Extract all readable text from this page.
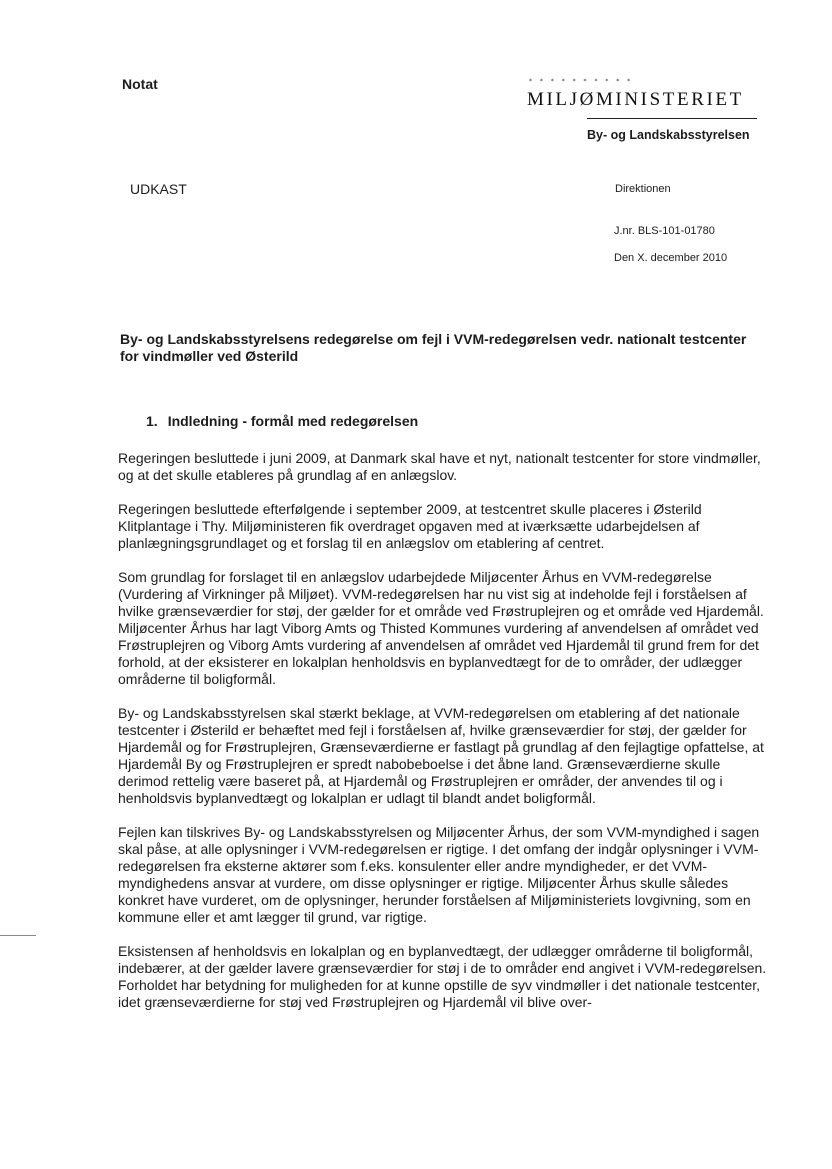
Notat	* * * * * * * * * *
MILJØMINISTERIET
By- og Landskabsstyrelsen
UDKAST	Direktionen
J.nr. BLS-101-01780
Den X. december 2010
By- og Landskabsstyrelsens redegørelse om fejl i VVM-redegørelsen vedr. nationalt testcenter for vindmøller ved Østerild
1. Indledning - formål med redegørelsen

Regeringen besluttede i juni 2009, at Danmark skal have et nyt, nationalt testcenter for store vindmøller, og at det skulle etableres på grundlag af en anlægslov.

Regeringen besluttede efterfølgende i september 2009, at testcentret skulle placeres i Østerild Klitplantage i Thy. Miljøministeren fik overdraget opgaven med at iværksætte udarbejdelsen af planlægningsgrundlaget og et forslag til en anlægslov om etablering af centret.

Som grundlag for forslaget til en anlægslov udarbejdede Miljøcenter Århus en VVM-redegørelse (Vurdering af Virkninger på Miljøet). VVM-redegørelsen har nu vist sig at indeholde fejl i forståelsen af hvilke grænseværdier for støj, der gælder for et område ved Frøstruplejren og et område ved Hjardemål. Miljøcenter Århus har lagt Viborg Amts og Thisted Kommunes vurdering af anvendelsen af området ved Frøstruplejren og Viborg Amts vurdering af anvendelsen af området ved Hjardemål til grund frem for det forhold, at der eksisterer en lokalplan henholdsvis en byplanvedtægt for de to områder, der udlægger områderne til boligformål.

By- og Landskabsstyrelsen skal stærkt beklage, at VVM-redegørelsen om etablering af det nationale testcenter i Østerild er behæftet med fejl i forståelsen af, hvilke grænseværdier for støj, der gælder for Hjardemål og for Frøstruplejren, Grænseværdierne er fastlagt på grundlag af den fejlagtige opfattelse, at Hjardemål By og Frøstruplejren er spredt nabobeboelse i det åbne land. Grænseværdierne skulle derimod rettelig være baseret på, at Hjardemål og Frøstruplejren er områder, der anvendes til og i henholdsvis byplanvedtægt og lokalplan er udlagt til blandt andet boligformål.

Fejlen kan tilskrives By- og Landskabsstyrelsen og Miljøcenter Århus, der som VVM-myndighed i sagen skal påse, at alle oplysninger i VVM-redegørelsen er rigtige. I det omfang der indgår oplysninger i VVM-redegørelsen fra eksterne aktører som f.eks. konsulenter eller andre myndigheder, er det VVM-myndighedens ansvar at vurdere, om disse oplysninger er rigtige. Miljøcenter Århus skulle således konkret have vurderet, om de oplysninger, herunder forståelsen af Miljøministeriets lovgivning, som en kommune eller et amt lægger til grund, var rigtige.

Eksistensen af henholdsvis en lokalplan og en byplanvedtægt, der udlægger områderne til boligformål, indebærer, at der gælder lavere grænseværdier for støj i de to områder end angivet i VVM-redegørelsen. Forholdet har betydning for muligheden for at kunne opstille de syv vindmøller i det nationale testcenter, idet grænseværdierne for støj ved Frøstruplejren og Hjardemål vil blive over-
